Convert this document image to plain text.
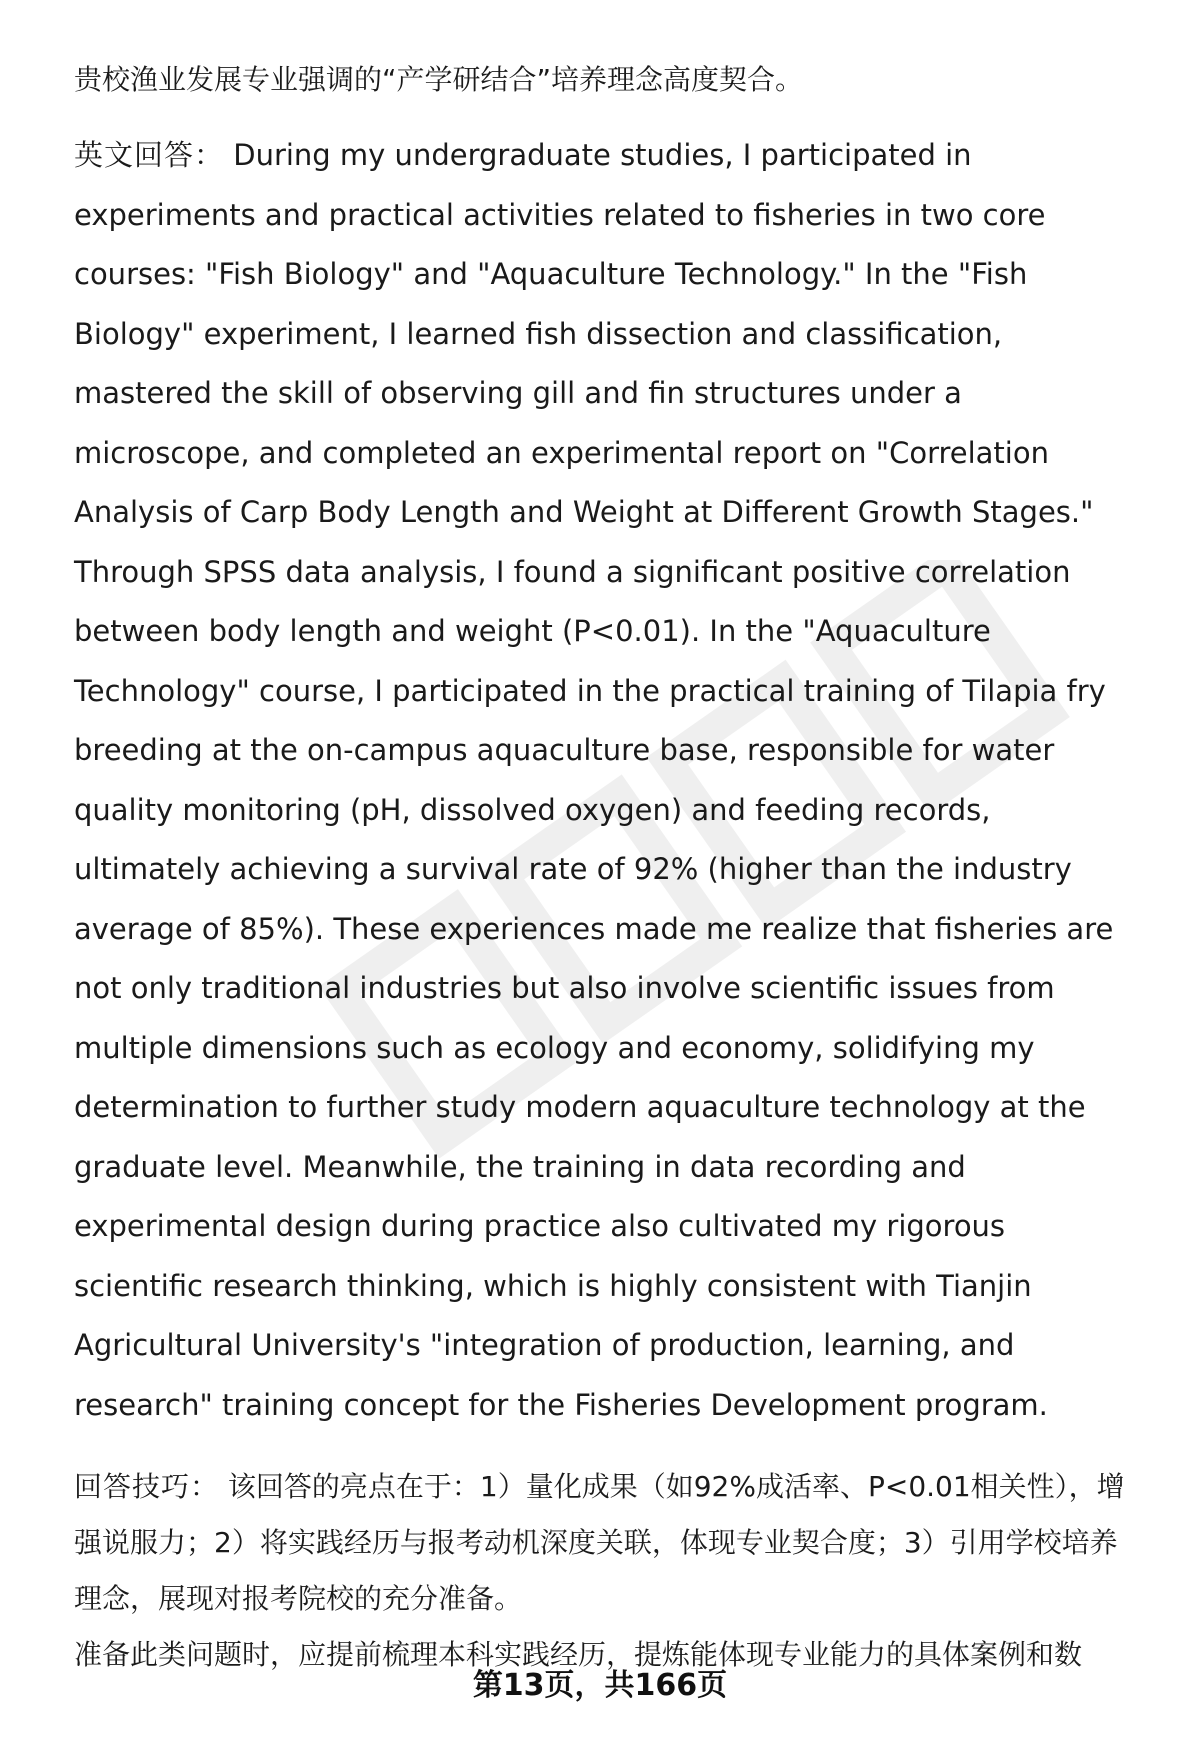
贵校渔业发展专业强调的“产学研结合”培养理念高度契合。

英文回答： During my undergraduate studies, I participated in experiments and practical activities related to fisheries in two core courses: "Fish Biology" and "Aquaculture Technology." In the "Fish Biology" experiment, I learned fish dissection and classification, mastered the skill of observing gill and fin structures under a microscope, and completed an experimental report on "Correlation Analysis of Carp Body Length and Weight at Different Growth Stages." Through SPSS data analysis, I found a significant positive correlation between body length and weight (P<0.01). In the "Aquaculture Technology" course, I participated in the practical training of Tilapia fry breeding at the on-campus aquaculture base, responsible for water quality monitoring (pH, dissolved oxygen) and feeding records, ultimately achieving a survival rate of 92% (higher than the industry average of 85%). These experiences made me realize that fisheries are not only traditional industries but also involve scientific issues from multiple dimensions such as ecology and economy, solidifying my determination to further study modern aquaculture technology at the graduate level. Meanwhile, the training in data recording and experimental design during practice also cultivated my rigorous scientific research thinking, which is highly consistent with Tianjin Agricultural University's "integration of production, learning, and research" training concept for the Fisheries Development program.

回答技巧： 该回答的亮点在于：1）量化成果（如92%成活率、P<0.01相关性），增强说服力；2）将实践经历与报考动机深度关联，体现专业契合度；3）引用学校培养理念，展现对报考院校的充分准备。

准备此类问题时，应提前梳理本科实践经历，提炼能体现专业能力的具体案例和数

第13页，共166页
